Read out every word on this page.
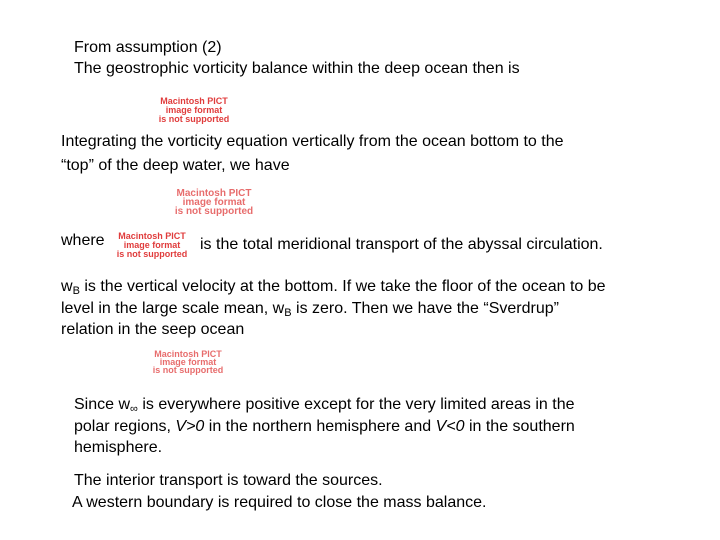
From assumption (2)
The geostrophic vorticity balance within the deep ocean then is
Macintosh PICT
image format
is not supported
Integrating the vorticity equation vertically from the ocean bottom to the
“top” of the deep water, we have
Macintosh PICT
image format
is not supported
where	Macintosh PICT
image format
is not supported
is the total meridional transport of the abyssal circulation.
$w_B$ is the vertical velocity at the bottom. If we take the floor of the ocean to be
level in the large scale mean, $w_B$ is zero. Then we have the “Sverdrup”
relation in the seep ocean
Macintosh PICT
image format
is not supported
Since $w_\infty$ is everywhere positive except for the very limited areas in the
polar regions, V>0 in the northern hemisphere and V<0 in the southern
hemisphere.
The interior transport is toward the sources.
A western boundary is required to close the mass balance.
